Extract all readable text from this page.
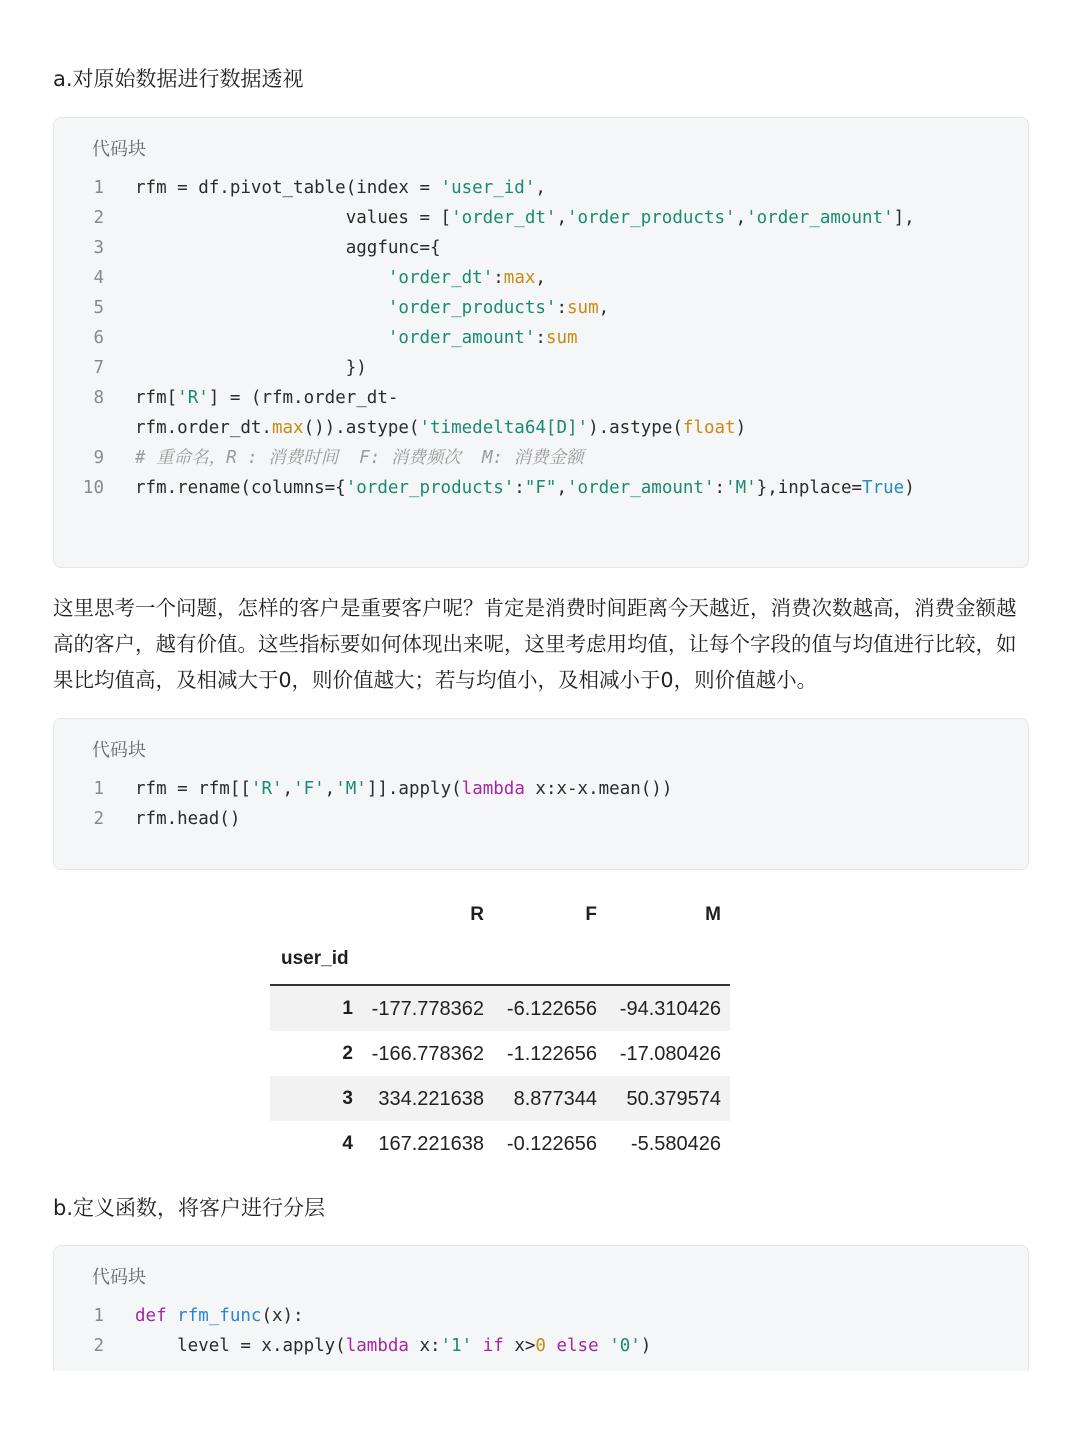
a.对原始数据进行数据透视
代码块
1 rfm = df.pivot_table(index = 'user_id',
2 values = ['order_dt','order_products','order_amount'],
3 aggfunc={
4	'order_dt':max,
5	'order_products':sum,
6	'order_amount':sum
7 })
8 rfm['R'] = (rfm.order_dt-
rfm.order_dt.max()).astype('timedelta64[D]').astype(float)
9 # 重命名，R : 消费时间  F: 消费频次  M: 消费金额
10 rfm.rename(columns={'order_products':"F",'order_amount':'M'},inplace=True)
这里思考一个问题，怎样的客户是重要客户呢？肯定是消费时间距离今天越近，消费次数越高，消费金额越高的客户，越有价值。这些指标要如何体现出来呢，这里考虑用均值，让每个字段的值与均值进行比较，如果比均值高，及相减大于0，则价值越大；若与均值小，及相减小于0，则价值越小。
代码块
1 rfm = rfm[['R','F','M']].apply(lambda x:x-x.mean())
2 rfm.head()
R	F	M
user_id
1 -177.778362	-6.122656	-94.310426
2 -166.778362	-1.122656	-17.080426
3	334.221638	8.877344	50.379574
4	167.221638	-0.122656	-5.580426
b.定义函数，将客户进行分层
代码块
1 def rfm_func(x):
2 level = x.apply(lambda x:'1' if x>0 else '0')
